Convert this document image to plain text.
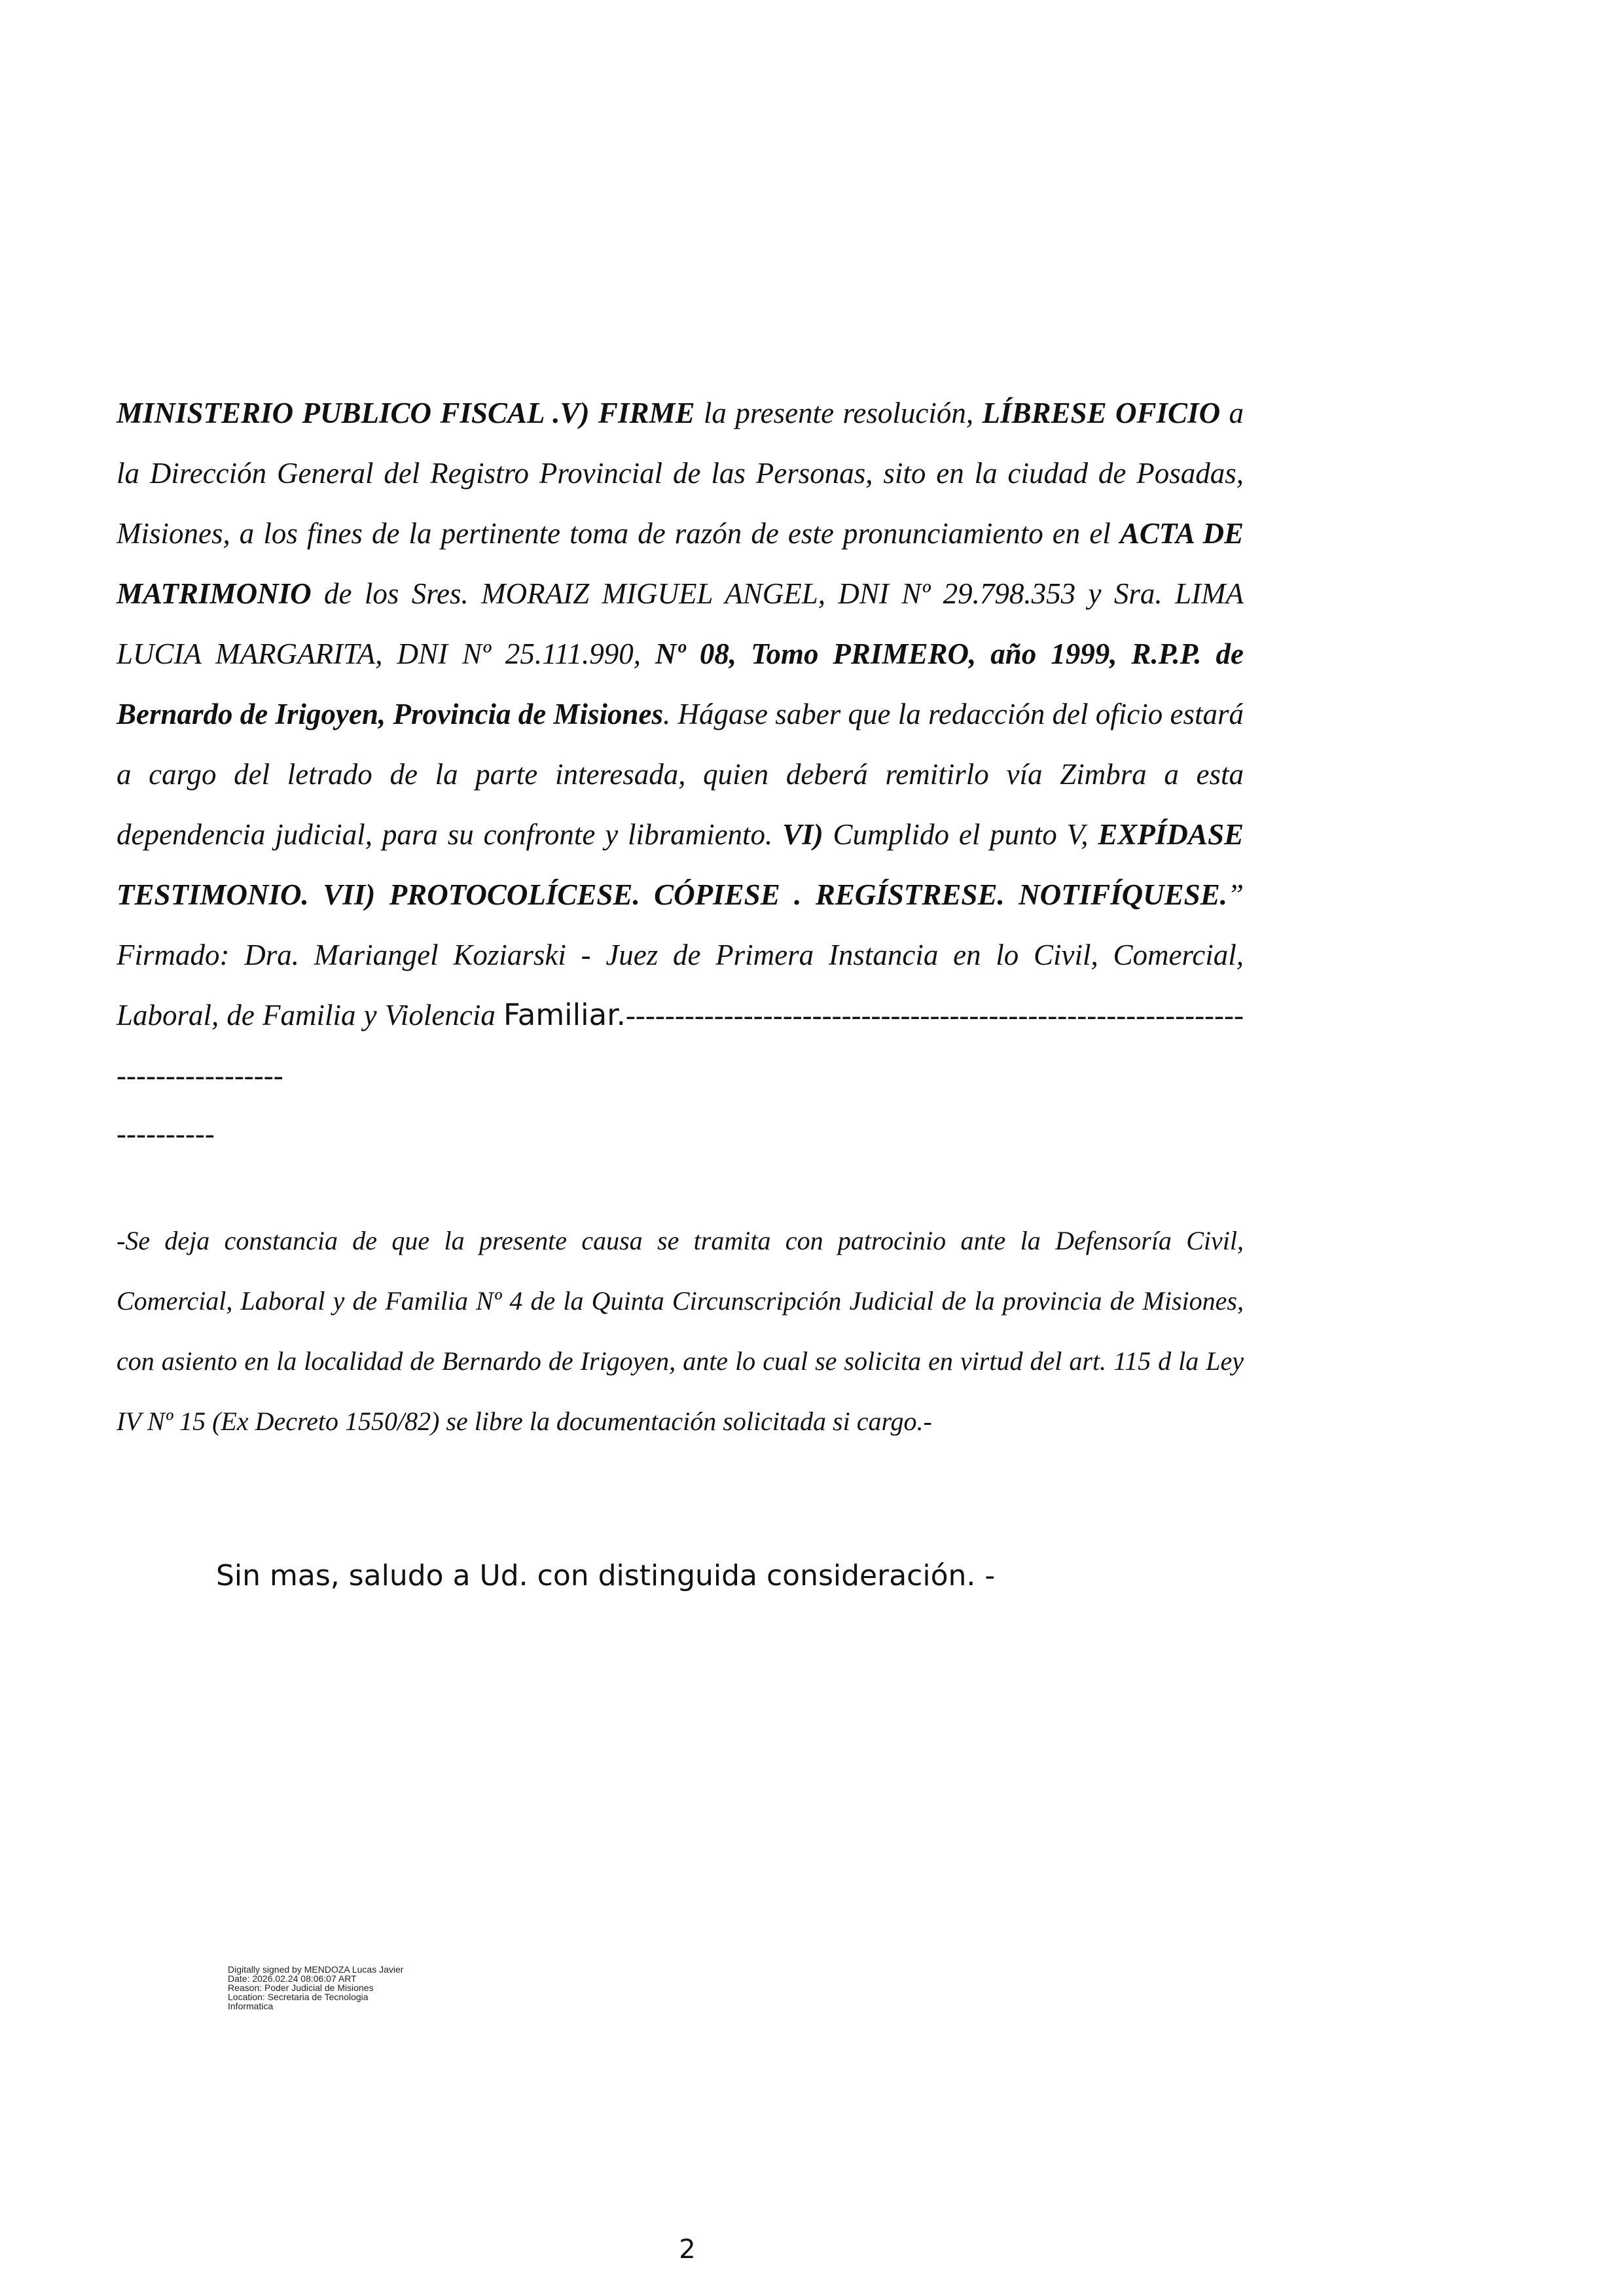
MINISTERIO PUBLICO FISCAL .V) FIRME la presente resolución, LÍBRESE OFICIO a la Dirección General del Registro Provincial de las Personas, sito en la ciudad de Posadas, Misiones, a los fines de la pertinente toma de razón de este pronunciamiento en el ACTA DE MATRIMONIO de los Sres. MORAIZ MIGUEL ANGEL, DNI Nº 29.798.353 y Sra. LIMA LUCIA MARGARITA, DNI Nº 25.111.990, Nº 08, Tomo PRIMERO, año 1999, R.P.P. de Bernardo de Irigoyen, Provincia de Misiones. Hágase saber que la redacción del oficio estará a cargo del letrado de la parte interesada, quien deberá remitirlo vía Zimbra a esta dependencia judicial, para su confronte y libramiento. VI) Cumplido el punto V, EXPÍDASE TESTIMONIO. VII) PROTOCOLÍCESE. CÓPIESE . REGÍSTRESE. NOTIFÍQUESE.” Firmado: Dra. Mariangel Koziarski - Juez de Primera Instancia en lo Civil, Comercial, Laboral, de Familia y Violencia Familiar.--------------------------------------------------------------------------------
----------
-Se deja constancia de que la presente causa se tramita con patrocinio ante la Defensoría Civil, Comercial, Laboral y de Familia Nº 4 de la Quinta Circunscripción Judicial de la provincia de Misiones, con asiento en la localidad de Bernardo de Irigoyen, ante lo cual se solicita en virtud del art. 115 d la Ley IV Nº 15 (Ex Decreto 1550/82) se libre la documentación solicitada si cargo.-
Sin mas, saludo a Ud. con distinguida consideración. -
Digitally signed by MENDOZA Lucas Javier
Date: 2026.02.24 08:06:07 ART
Reason: Poder Judicial de Misiones
Location: Secretaria de Tecnologia
Informatica
2
